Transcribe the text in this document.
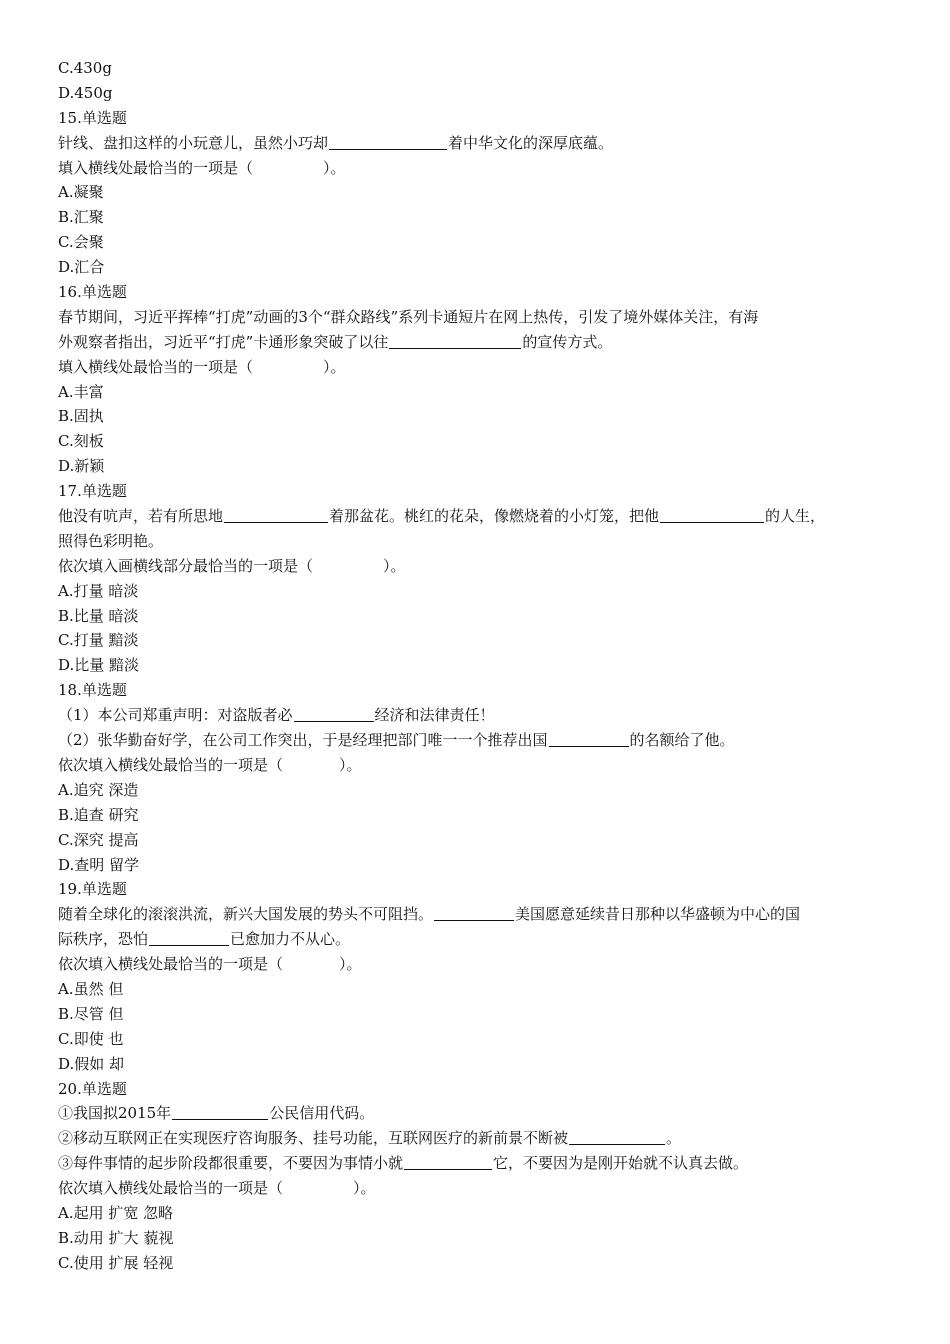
C.430g
D.450g
15.单选题
针线、盘扣这样的小玩意儿，虽然小巧却	着中华文化的深厚底蕴。
填入横线处最恰当的一项是（	）。
A.凝聚
B.汇聚
C.会聚
D.汇合
16.单选题
春节期间，习近平挥棒“打虎”动画的3个“群众路线”系列卡通短片在网上热传，引发了境外媒体关注，有海
外观察者指出，习近平“打虎”卡通形象突破了以往	的宣传方式。
填入横线处最恰当的一项是（	）。
A.丰富
B.固执
C.刻板
D.新颖
17.单选题
他没有吭声，若有所思地	着那盆花。桃红的花朵，像燃烧着的小灯笼，把他	的人生，
照得色彩明艳。
依次填入画横线部分最恰当的一项是（	）。
A.打量 暗淡
B.比量 暗淡
C.打量 黯淡
D.比量 黯淡
18.单选题
（1）本公司郑重声明：对盗版者必	经济和法律责任！
（2）张华勤奋好学，在公司工作突出，于是经理把部门唯一一个推荐出国	的名额给了他。
依次填入横线处最恰当的一项是（	）。
A.追究 深造
B.追查 研究
C.深究 提高
D.查明 留学
19.单选题
随着全球化的滚滚洪流，新兴大国发展的势头不可阻挡。	美国愿意延续昔日那种以华盛顿为中心的国
际秩序，恐怕	已愈加力不从心。
依次填入横线处最恰当的一项是（	）。
A.虽然 但
B.尽管 但
C.即使 也
D.假如 却
20.单选题
①我国拟2015年	公民信用代码。
②移动互联网正在实现医疗咨询服务、挂号功能，互联网医疗的新前景不断被	。
③每件事情的起步阶段都很重要，不要因为事情小就	它，不要因为是刚开始就不认真去做。
依次填入横线处最恰当的一项是（	）。
A.起用 扩宽 忽略
B.动用 扩大 藐视
C.使用 扩展 轻视
